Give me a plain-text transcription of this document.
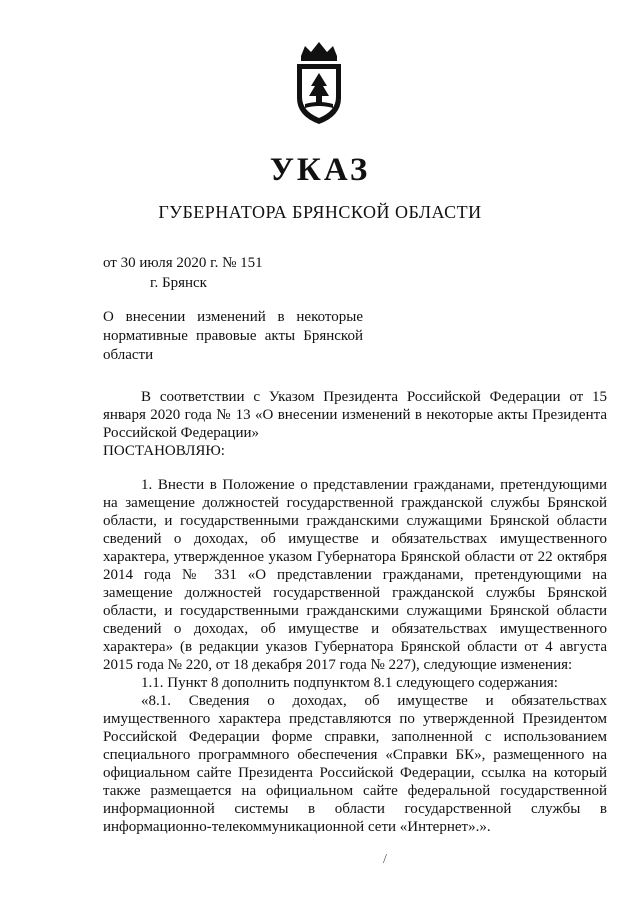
УКАЗ
ГУБЕРНАТОРА БРЯНСКОЙ ОБЛАСТИ
от 30 июля 2020 г. № 151
г. Брянск
О внесении изменений в некоторые нормативные правовые акты Брянской области

В соответствии с Указом Президента Российской Федерации от 15 января 2020 года № 13 «О внесении изменений в некоторые акты Президента Российской Федерации»

ПОСТАНОВЛЯЮ:

1. Внести в Положение о представлении гражданами, претендующими на замещение должностей государственной гражданской службы Брянской области, и государственными гражданскими служащими Брянской области сведений о доходах, об имуществе и обязательствах имущественного характера, утвержденное указом Губернатора Брянской области от 22 октября 2014 года № 331 «О представлении гражданами, претендующими на замещение должностей государственной гражданской службы Брянской области, и государственными гражданскими служащими Брянской области сведений о доходах, об имуществе и обязательствах имущественного характера» (в редакции указов Губернатора Брянской области от 4 августа 2015 года № 220, от 18 декабря 2017 года № 227), следующие изменения:

1.1. Пункт 8 дополнить подпунктом 8.1 следующего содержания:

«8.1. Сведения о доходах, об имуществе и обязательствах имущественного характера представляются по утвержденной Президентом Российской Федерации форме справки, заполненной с использованием специального программного обеспечения «Справки БК», размещенного на официальном сайте Президента Российской Федерации, ссылка на который также размещается на официальном сайте федеральной государственной информационной системы в области государственной службы в информационно-телекоммуникационной сети «Интернет».».

/
